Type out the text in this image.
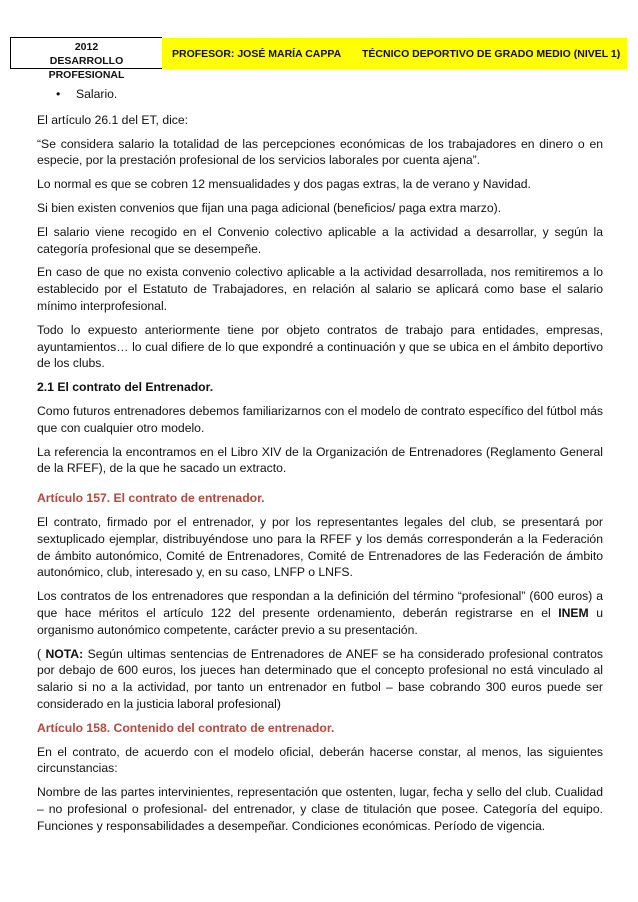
2012
DESARROLLO PROFESIONAL
PROFESOR: JOSÉ MARÍA CAPPA TÉCNICO DEPORTIVO DE GRADO MEDIO (NIVEL 1)
• Salario.

El artículo 26.1 del ET, dice:

“Se considera salario la totalidad de las percepciones económicas de los trabajadores en dinero o en especie, por la prestación profesional de los servicios laborales por cuenta ajena”.

Lo normal es que se cobren 12 mensualidades y dos pagas extras, la de verano y Navidad.

Si bien existen convenios que fijan una paga adicional (beneficios/ paga extra marzo).

El salario viene recogido en el Convenio colectivo aplicable a la actividad a desarrollar, y según la categoría profesional que se desempeñe.

En caso de que no exista convenio colectivo aplicable a la actividad desarrollada, nos remitiremos a lo establecido por el Estatuto de Trabajadores, en relación al salario se aplicará como base el salario mínimo interprofesional.

Todo lo expuesto anteriormente tiene por objeto contratos de trabajo para entidades, empresas, ayuntamientos… lo cual difiere de lo que expondré a continuación y que se ubica en el ámbito deportivo de los clubs.

2.1 El contrato del Entrenador.

Como futuros entrenadores debemos familiarizarnos con el modelo de contrato específico del fútbol más que con cualquier otro modelo.

La referencia la encontramos en el Libro XIV de la Organización de Entrenadores (Reglamento General de la RFEF), de la que he sacado un extracto.

Artículo 157. El contrato de entrenador.

El contrato, firmado por el entrenador, y por los representantes legales del club, se presentará por sextuplicado ejemplar, distribuyéndose uno para la RFEF y los demás corresponderán a la Federación de ámbito autonómico, Comité de Entrenadores, Comité de Entrenadores de las Federación de ámbito autonómico, club, interesado y, en su caso, LNFP o LNFS.

Los contratos de los entrenadores que respondan a la definición del término “profesional” (600 euros) a que hace méritos el artículo 122 del presente ordenamiento, deberán registrarse en el INEM u organismo autonómico competente, carácter previo a su presentación.

( NOTA: Según ultimas sentencias de Entrenadores de ANEF se ha considerado profesional contratos por debajo de 600 euros, los jueces han determinado que el concepto profesional no está vinculado al salario si no a la actividad, por tanto un entrenador en futbol – base cobrando 300 euros puede ser considerado en la justicia laboral profesional)

Artículo 158. Contenido del contrato de entrenador.

En el contrato, de acuerdo con el modelo oficial, deberán hacerse constar, al menos, las siguientes circunstancias:

Nombre de las partes intervinientes, representación que ostenten, lugar, fecha y sello del club. Cualidad – no profesional o profesional- del entrenador, y clase de titulación que posee. Categoría del equipo. Funciones y responsabilidades a desempeñar. Condiciones económicas. Período de vigencia.
